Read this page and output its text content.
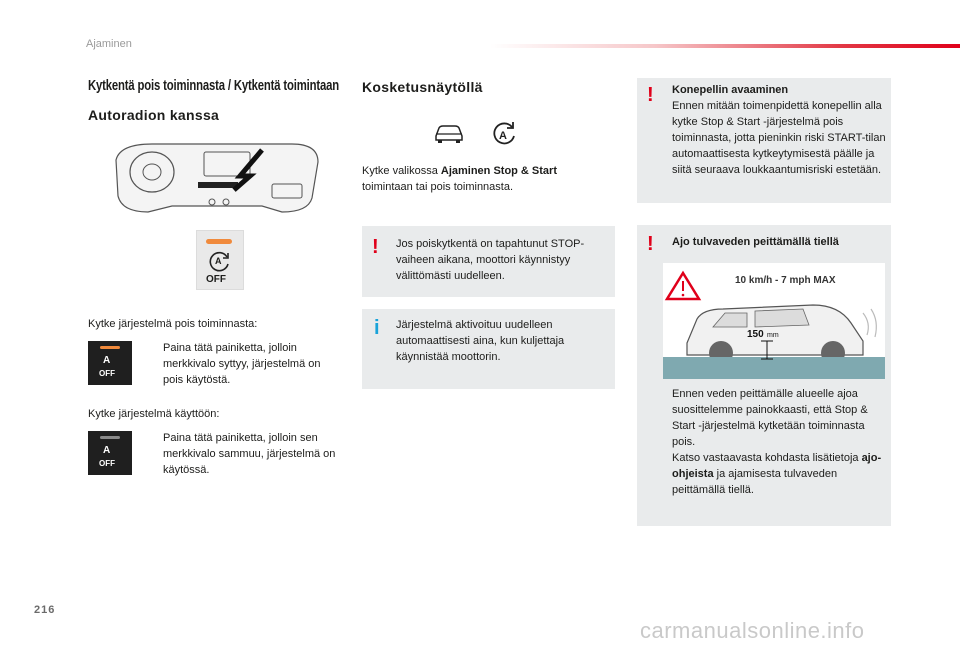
Ajaminen
Kytkentä pois toiminnasta / Kytkentä toimintaan
Autoradion kanssa
A
OFF
Kytke järjestelmä pois toiminnasta:
A
OFF
Paina tätä painiketta, jolloin merkkivalo syttyy, järjestelmä on pois käytöstä.
Kytke järjestelmä käyttöön:
A
OFF
Paina tätä painiketta, jolloin sen merkkivalo sammuu, järjestelmä on käytössä.
Kosketusnäytöllä
A
Kytke valikossa Ajaminen Stop & Start toimintaan tai pois toiminnasta.
! Jos poiskytkentä on tapahtunut STOP-vaiheen aikana, moottori käynnistyy välittömästi uudelleen.
i Järjestelmä aktivoituu uudelleen automaattisesti aina, kun kuljettaja käynnistää moottorin.
! Konepellin avaaminen
Ennen mitään toimenpidettä konepellin alla kytke Stop & Start -järjestelmä pois toiminnasta, jotta pieninkin riski START-tilan automaattisesta kytkeytymisestä päälle ja siitä seuraava loukkaantumisriski estetään.
! Ajo tulvaveden peittämällä tiellä
10 km/h - 7 mph MAX
150 mm
Ennen veden peittämälle alueelle ajoa suosittelemme painokkaasti, että Stop & Start -järjestelmä kytketään toiminnasta pois.
Katso vastaavasta kohdasta lisätietoja ajo-ohjeista ja ajamisesta tulvaveden peittämällä tiellä.
216
carmanualsonline.info
